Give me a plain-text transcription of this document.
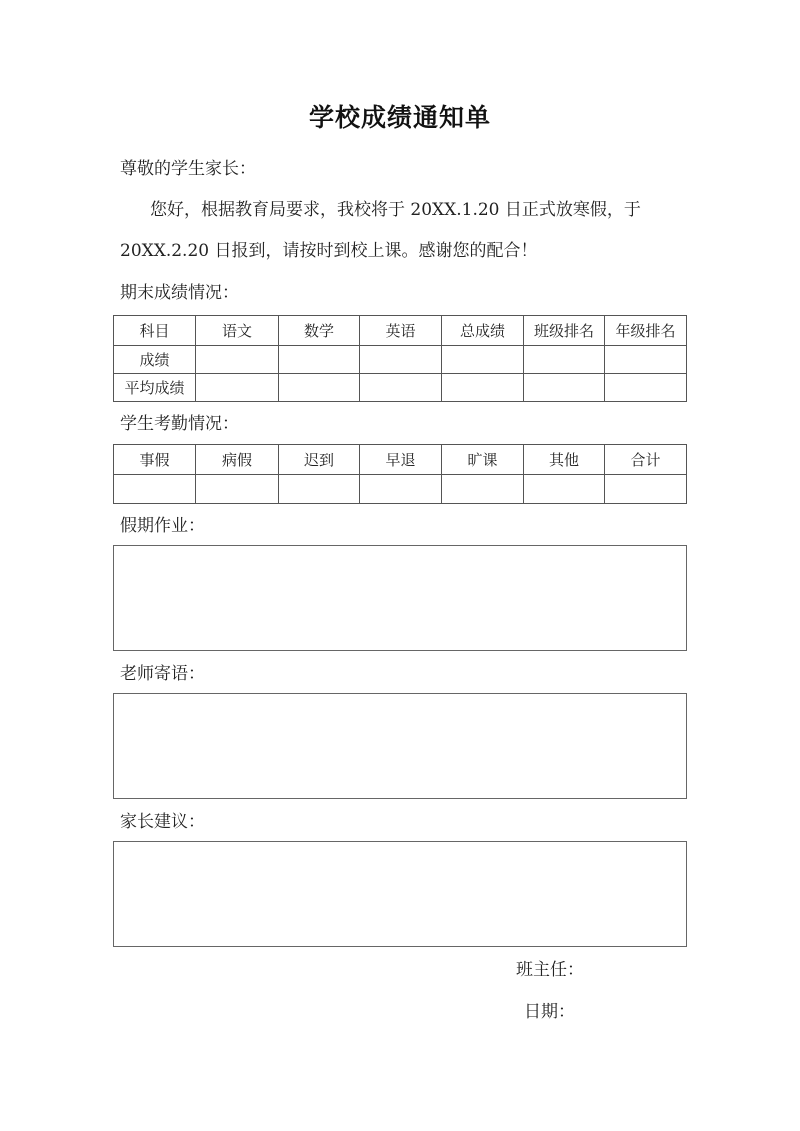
学校成绩通知单
尊敬的学生家长：
您好，根据教育局要求，我校将于 20XX.1.20 日正式放寒假，于
20XX.2.20 日报到，请按时到校上课。感谢您的配合！
期末成绩情况：
科目	语文	数学	英语	总成绩	班级排名	年级排名
成绩						
平均成绩						
学生考勤情况：
事假	病假	迟到	早退	旷课	其他	合计

假期作业：
老师寄语：
家长建议：
班主任：
日期：
